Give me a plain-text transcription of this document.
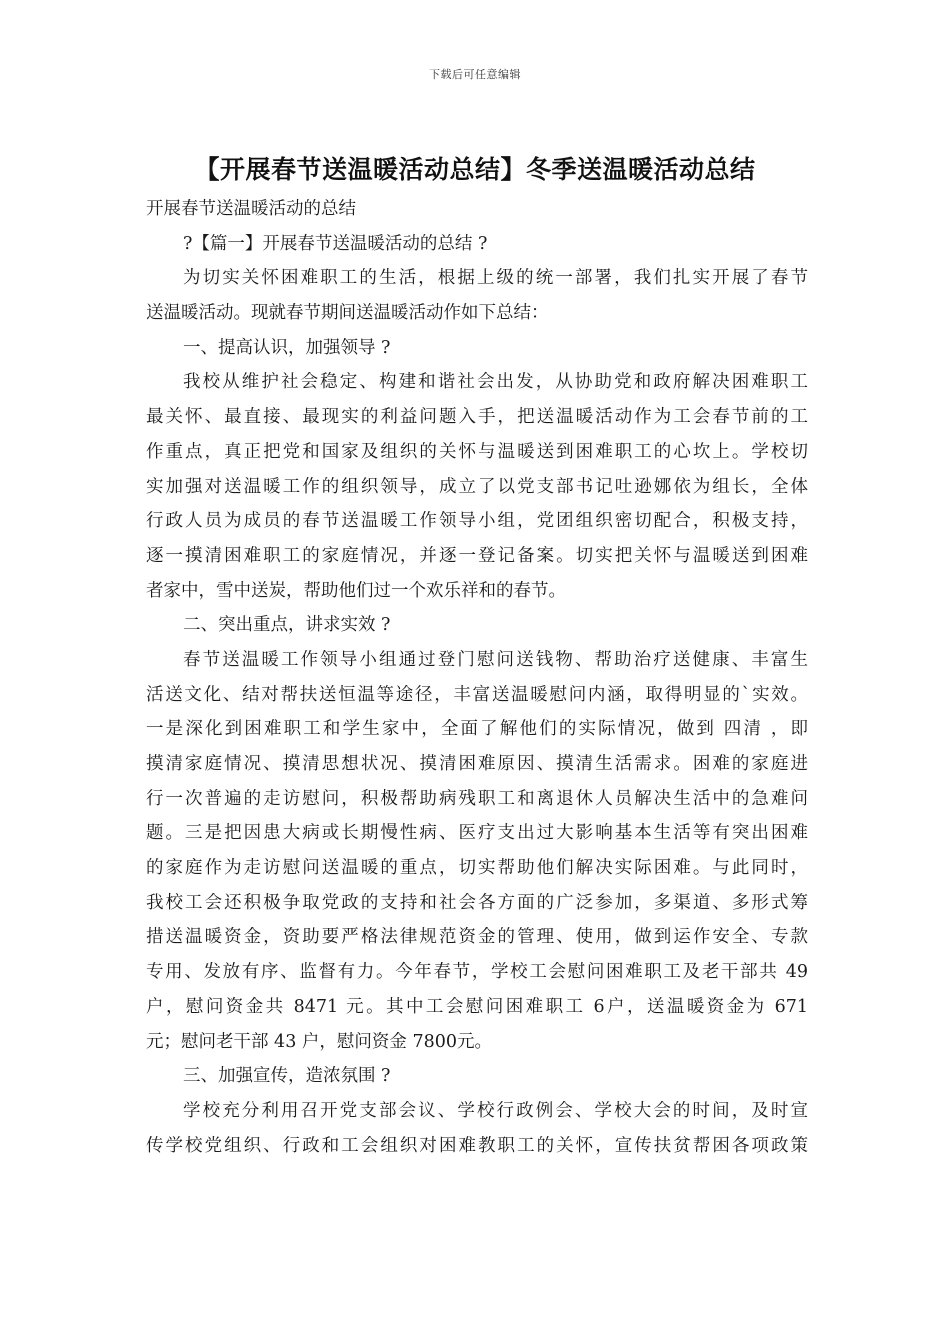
下载后可任意编辑
【开展春节送温暖活动总结】冬季送温暖活动总结
开展春节送温暖活动的总结
?【篇一】开展春节送温暖活动的总结 ?
为切实关怀困难职工的生活，根据上级的统一部署，我们扎实开展了春节
送温暖活动。现就春节期间送温暖活动作如下总结：
一、提高认识，加强领导 ?
我校从维护社会稳定、构建和谐社会出发，从协助党和政府解决困难职工
最关怀、最直接、最现实的利益问题入手，把送温暖活动作为工会春节前的工
作重点，真正把党和国家及组织的关怀与温暖送到困难职工的心坎上。学校切
实加强对送温暖工作的组织领导，成立了以党支部书记吐逊娜依为组长，全体
行政人员为成员的春节送温暖工作领导小组，党团组织密切配合，积极支持，
逐一摸清困难职工的家庭情况，并逐一登记备案。切实把关怀与温暖送到困难
者家中，雪中送炭，帮助他们过一个欢乐祥和的春节。
二、突出重点，讲求实效 ?
春节送温暖工作领导小组通过登门慰问送钱物、帮助治疗送健康、丰富生
活送文化、结对帮扶送恒温等途径，丰富送温暖慰问内涵，取得明显的`实效。
一是深化到困难职工和学生家中，全面了解他们的实际情况，做到 四清 ，即
摸清家庭情况、摸清思想状况、摸清困难原因、摸清生活需求。困难的家庭进
行一次普遍的走访慰问，积极帮助病残职工和离退休人员解决生活中的急难问
题。三是把因患大病或长期慢性病、医疗支出过大影响基本生活等有突出困难
的家庭作为走访慰问送温暖的重点，切实帮助他们解决实际困难。与此同时，
我校工会还积极争取党政的支持和社会各方面的广泛参加，多渠道、多形式筹
措送温暖资金，资助要严格法律规范资金的管理、使用，做到运作安全、专款
专用、发放有序、监督有力。今年春节，学校工会慰问困难职工及老干部共 49
户，慰问资金共 8471 元。其中工会慰问困难职工 6户，送温暖资金为 671
元；慰问老干部 43 户，慰问资金 7800元。
三、加强宣传，造浓氛围 ?
学校充分利用召开党支部会议、学校行政例会、学校大会的时间，及时宣
传学校党组织、行政和工会组织对困难教职工的关怀，宣传扶贫帮困各项政策
